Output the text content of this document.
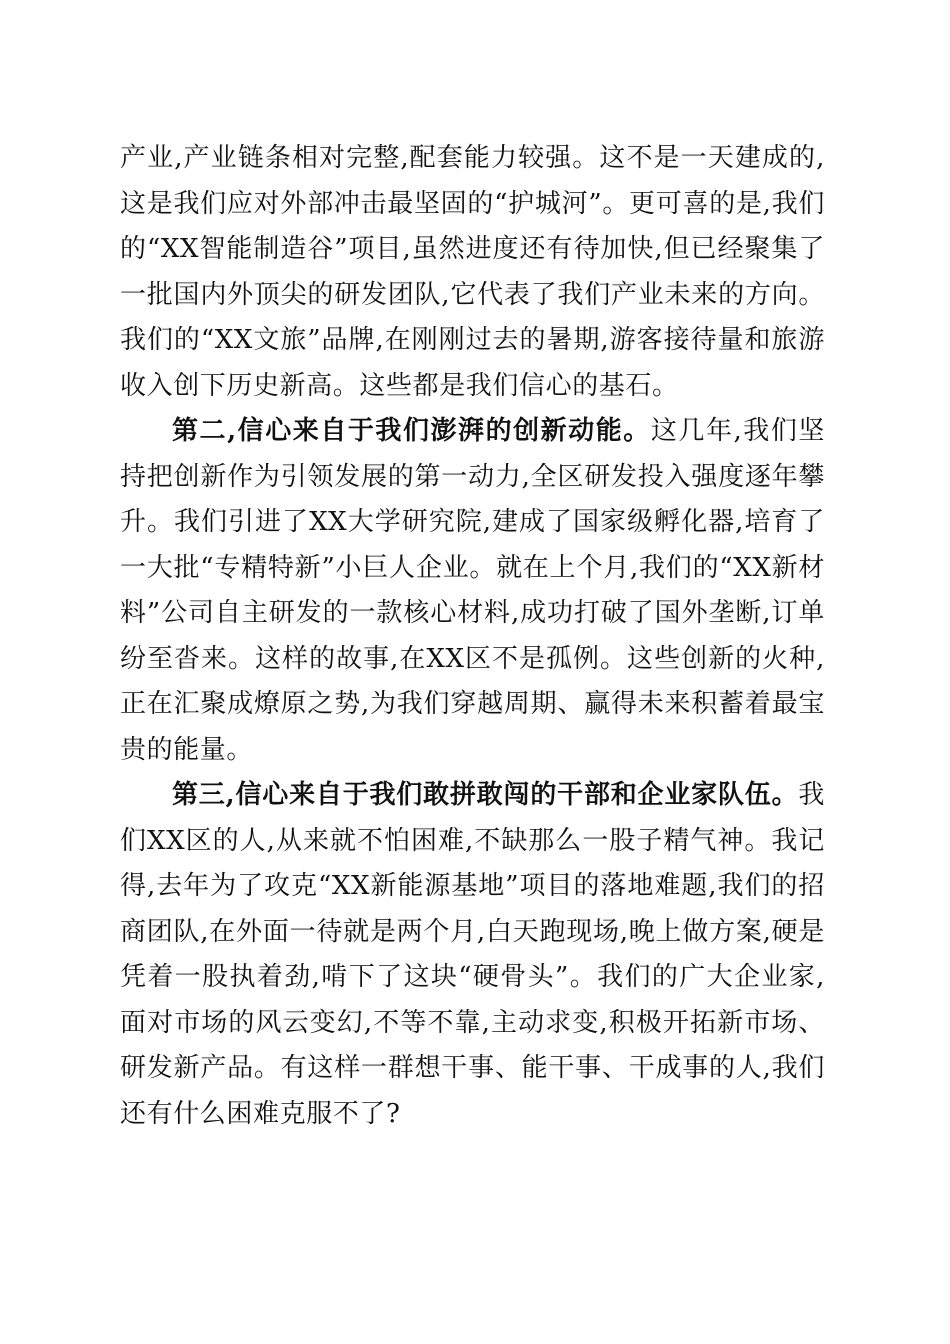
产业,产业链条相对完整,配套能力较强。这不是一天建成的,这是我们应对外部冲击最坚固的“护城河”。更可喜的是,我们的“XX智能制造谷”项目,虽然进度还有待加快,但已经聚集了一批国内外顶尖的研发团队,它代表了我们产业未来的方向。我们的“XX文旅”品牌,在刚刚过去的暑期,游客接待量和旅游收入创下历史新高。这些都是我们信心的基石。

第二,信心来自于我们澎湃的创新动能。这几年,我们坚持把创新作为引领发展的第一动力,全区研发投入强度逐年攀升。我们引进了XX大学研究院,建成了国家级孵化器,培育了一大批“专精特新”小巨人企业。就在上个月,我们的“XX新材料”公司自主研发的一款核心材料,成功打破了国外垄断,订单纷至沓来。这样的故事,在XX区不是孤例。这些创新的火种,正在汇聚成燎原之势,为我们穿越周期、赢得未来积蓄着最宝贵的能量。

第三,信心来自于我们敢拼敢闯的干部和企业家队伍。我们XX区的人,从来就不怕困难,不缺那么一股子精气神。我记得,去年为了攻克“XX新能源基地”项目的落地难题,我们的招商团队,在外面一待就是两个月,白天跑现场,晚上做方案,硬是凭着一股执着劲,啃下了这块“硬骨头”。我们的广大企业家,面对市场的风云变幻,不等不靠,主动求变,积极开拓新市场、研发新产品。有这样一群想干事、能干事、干成事的人,我们还有什么困难克服不了?
